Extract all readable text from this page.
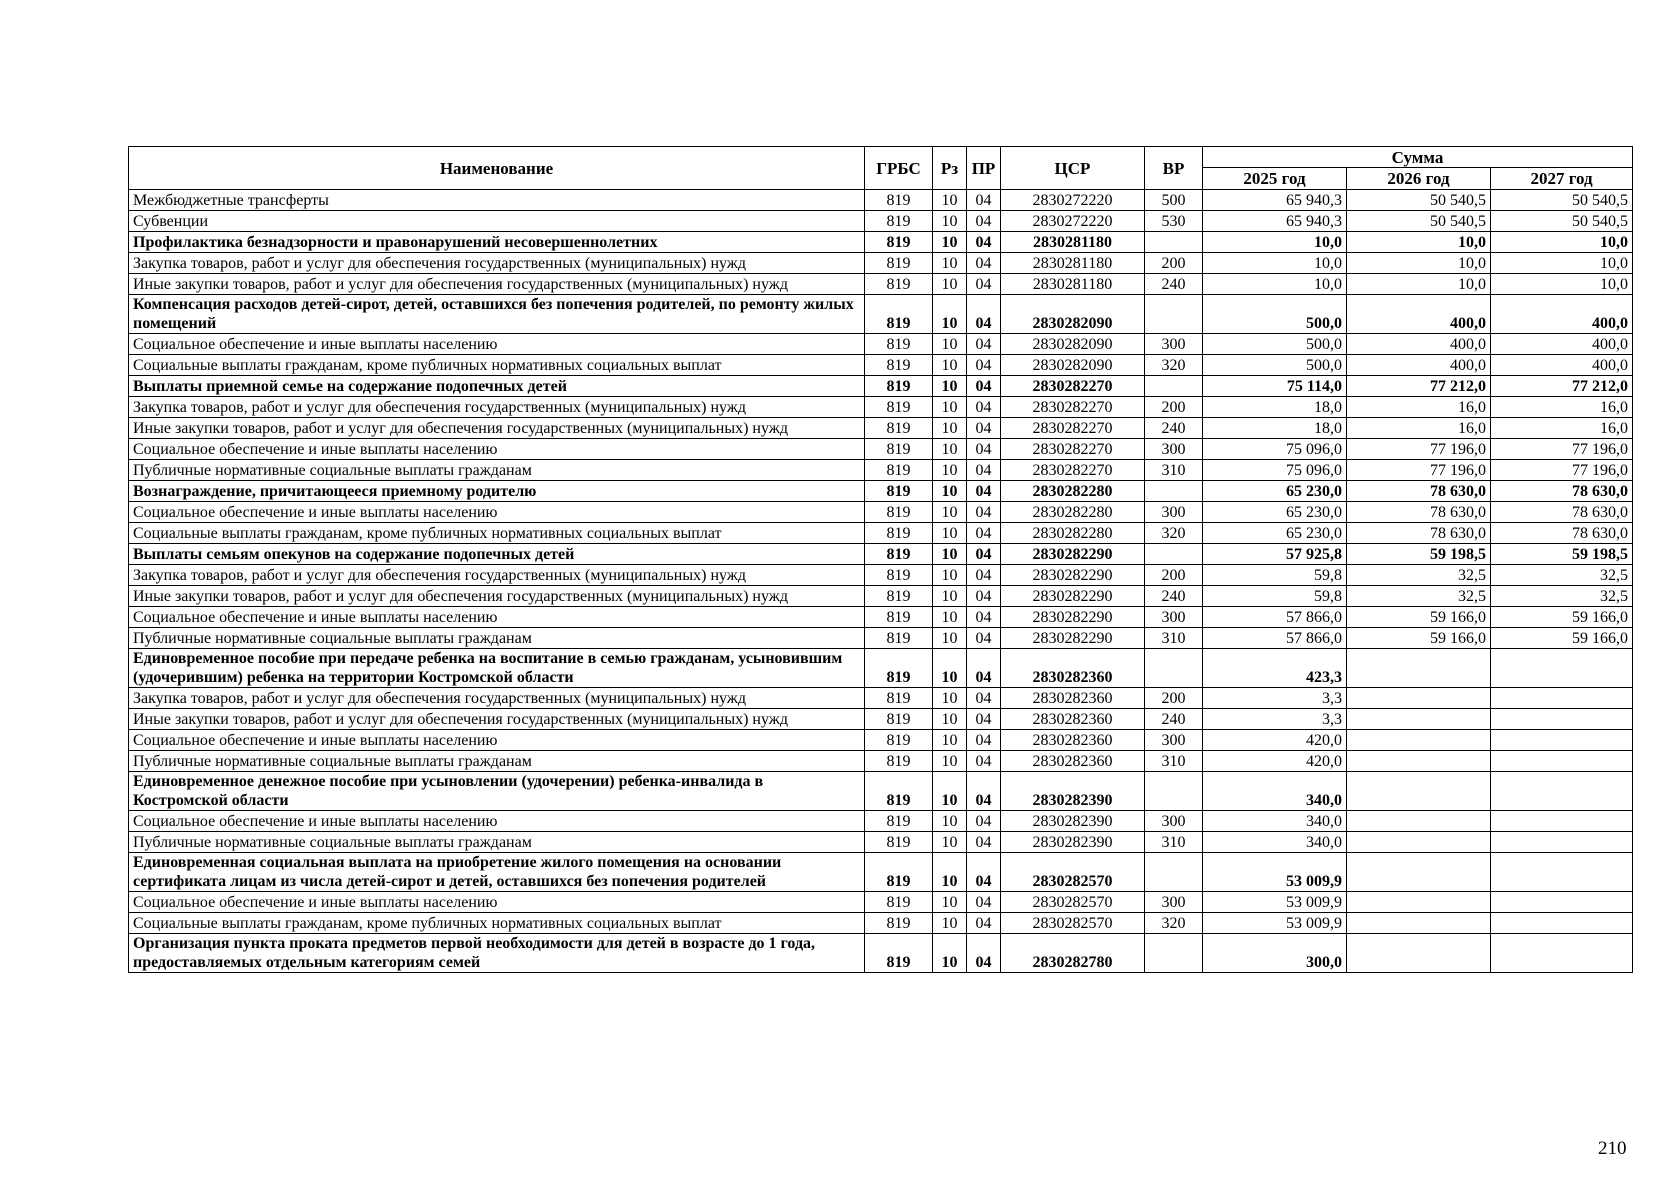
Наименование	ГРБС	Рз	ПР	ЦСР	ВР	Сумма		
						2025 год	2026 год	2027 год
Межбюджетные трансферты	819	10	04	2830272220	500	65 940,3	50 540,5	50 540,5
Субвенции	819	10	04	2830272220	530	65 940,3	50 540,5	50 540,5
Профилактика безнадзорности и правонарушений несовершеннолетних	819	10	04	2830281180		10,0	10,0	10,0
Закупка товаров, работ и услуг для обеспечения государственных (муниципальных) нужд	819	10	04	2830281180	200	10,0	10,0	10,0
Иные закупки товаров, работ и услуг для обеспечения государственных (муниципальных) нужд	819	10	04	2830281180	240	10,0	10,0	10,0
Компенсация расходов детей-сирот, детей, оставшихся без попечения родителей, по ремонту жилых помещений	819	10	04	2830282090		500,0	400,0	400,0
Социальное обеспечение и иные выплаты населению	819	10	04	2830282090	300	500,0	400,0	400,0
Социальные выплаты гражданам, кроме публичных нормативных социальных выплат	819	10	04	2830282090	320	500,0	400,0	400,0
Выплаты приемной семье на содержание подопечных детей	819	10	04	2830282270		75 114,0	77 212,0	77 212,0
Закупка товаров, работ и услуг для обеспечения государственных (муниципальных) нужд	819	10	04	2830282270	200	18,0	16,0	16,0
Иные закупки товаров, работ и услуг для обеспечения государственных (муниципальных) нужд	819	10	04	2830282270	240	18,0	16,0	16,0
Социальное обеспечение и иные выплаты населению	819	10	04	2830282270	300	75 096,0	77 196,0	77 196,0
Публичные нормативные социальные выплаты гражданам	819	10	04	2830282270	310	75 096,0	77 196,0	77 196,0
Вознаграждение, причитающееся приемному родителю	819	10	04	2830282280		65 230,0	78 630,0	78 630,0
Социальное обеспечение и иные выплаты населению	819	10	04	2830282280	300	65 230,0	78 630,0	78 630,0
Социальные выплаты гражданам, кроме публичных нормативных социальных выплат	819	10	04	2830282280	320	65 230,0	78 630,0	78 630,0
Выплаты семьям опекунов на содержание подопечных детей	819	10	04	2830282290		57 925,8	59 198,5	59 198,5
Закупка товаров, работ и услуг для обеспечения государственных (муниципальных) нужд	819	10	04	2830282290	200	59,8	32,5	32,5
Иные закупки товаров, работ и услуг для обеспечения государственных (муниципальных) нужд	819	10	04	2830282290	240	59,8	32,5	32,5
Социальное обеспечение и иные выплаты населению	819	10	04	2830282290	300	57 866,0	59 166,0	59 166,0
Публичные нормативные социальные выплаты гражданам	819	10	04	2830282290	310	57 866,0	59 166,0	59 166,0
Единовременное пособие при передаче ребенка на воспитание в семью гражданам, усыновившим (удочерившим) ребенка на территории Костромской области	819	10	04	2830282360		423,3		
Закупка товаров, работ и услуг для обеспечения государственных (муниципальных) нужд	819	10	04	2830282360	200	3,3		
Иные закупки товаров, работ и услуг для обеспечения государственных (муниципальных) нужд	819	10	04	2830282360	240	3,3		
Социальное обеспечение и иные выплаты населению	819	10	04	2830282360	300	420,0		
Публичные нормативные социальные выплаты гражданам	819	10	04	2830282360	310	420,0		
Единовременное денежное пособие при усыновлении (удочерении) ребенка-инвалида в Костромской области	819	10	04	2830282390		340,0		
Социальное обеспечение и иные выплаты населению	819	10	04	2830282390	300	340,0		
Публичные нормативные социальные выплаты гражданам	819	10	04	2830282390	310	340,0		
Единовременная социальная выплата на приобретение жилого помещения на основании сертификата лицам из числа детей-сирот и детей, оставшихся без попечения родителей	819	10	04	2830282570		53 009,9		
Социальное обеспечение и иные выплаты населению	819	10	04	2830282570	300	53 009,9		
Социальные выплаты гражданам, кроме публичных нормативных социальных выплат	819	10	04	2830282570	320	53 009,9		
Организация пункта проката предметов первой необходимости для детей в возрасте до 1 года, предоставляемых отдельным категориям семей	819	10	04	2830282780		300,0		
210
